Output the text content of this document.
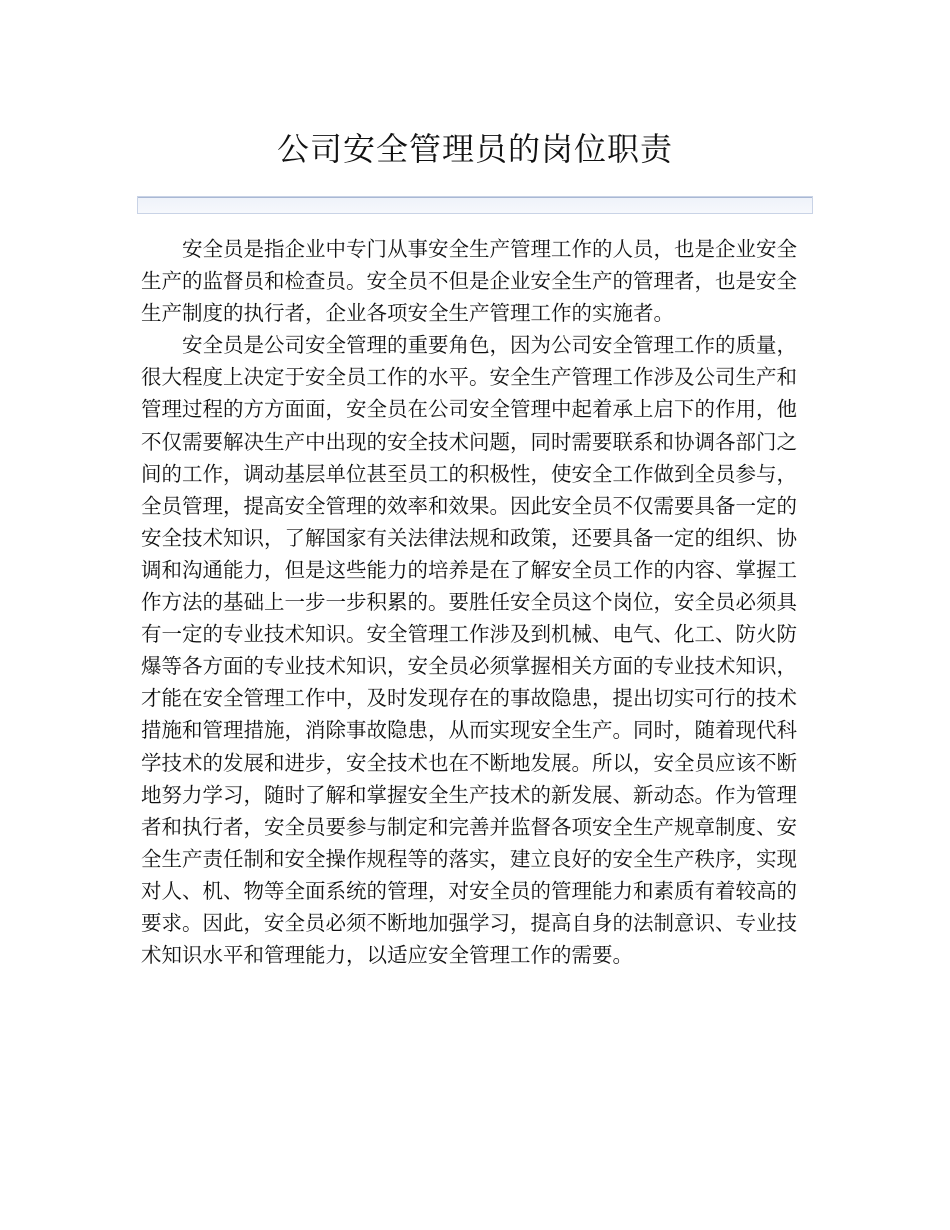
公司安全管理员的岗位职责

安全员是指企业中专门从事安全生产管理工作的人员，也是企业安全生产的监督员和检查员。安全员不但是企业安全生产的管理者，也是安全生产制度的执行者，企业各项安全生产管理工作的实施者。

安全员是公司安全管理的重要角色，因为公司安全管理工作的质量，很大程度上决定于安全员工作的水平。安全生产管理工作涉及公司生产和管理过程的方方面面，安全员在公司安全管理中起着承上启下的作用，他不仅需要解决生产中出现的安全技术问题，同时需要联系和协调各部门之间的工作，调动基层单位甚至员工的积极性，使安全工作做到全员参与，全员管理，提高安全管理的效率和效果。因此安全员不仅需要具备一定的安全技术知识，了解国家有关法律法规和政策，还要具备一定的组织、协调和沟通能力，但是这些能力的培养是在了解安全员工作的内容、掌握工作方法的基础上一步一步积累的。要胜任安全员这个岗位，安全员必须具有一定的专业技术知识。安全管理工作涉及到机械、电气、化工、防火防爆等各方面的专业技术知识，安全员必须掌握相关方面的专业技术知识，才能在安全管理工作中，及时发现存在的事故隐患，提出切实可行的技术措施和管理措施，消除事故隐患，从而实现安全生产。同时，随着现代科学技术的发展和进步，安全技术也在不断地发展。所以，安全员应该不断地努力学习，随时了解和掌握安全生产技术的新发展、新动态。作为管理者和执行者，安全员要参与制定和完善并监督各项安全生产规章制度、安全生产责任制和安全操作规程等的落实，建立良好的安全生产秩序，实现对人、机、物等全面系统的管理，对安全员的管理能力和素质有着较高的要求。因此，安全员必须不断地加强学习，提高自身的法制意识、专业技术知识水平和管理能力，以适应安全管理工作的需要。
